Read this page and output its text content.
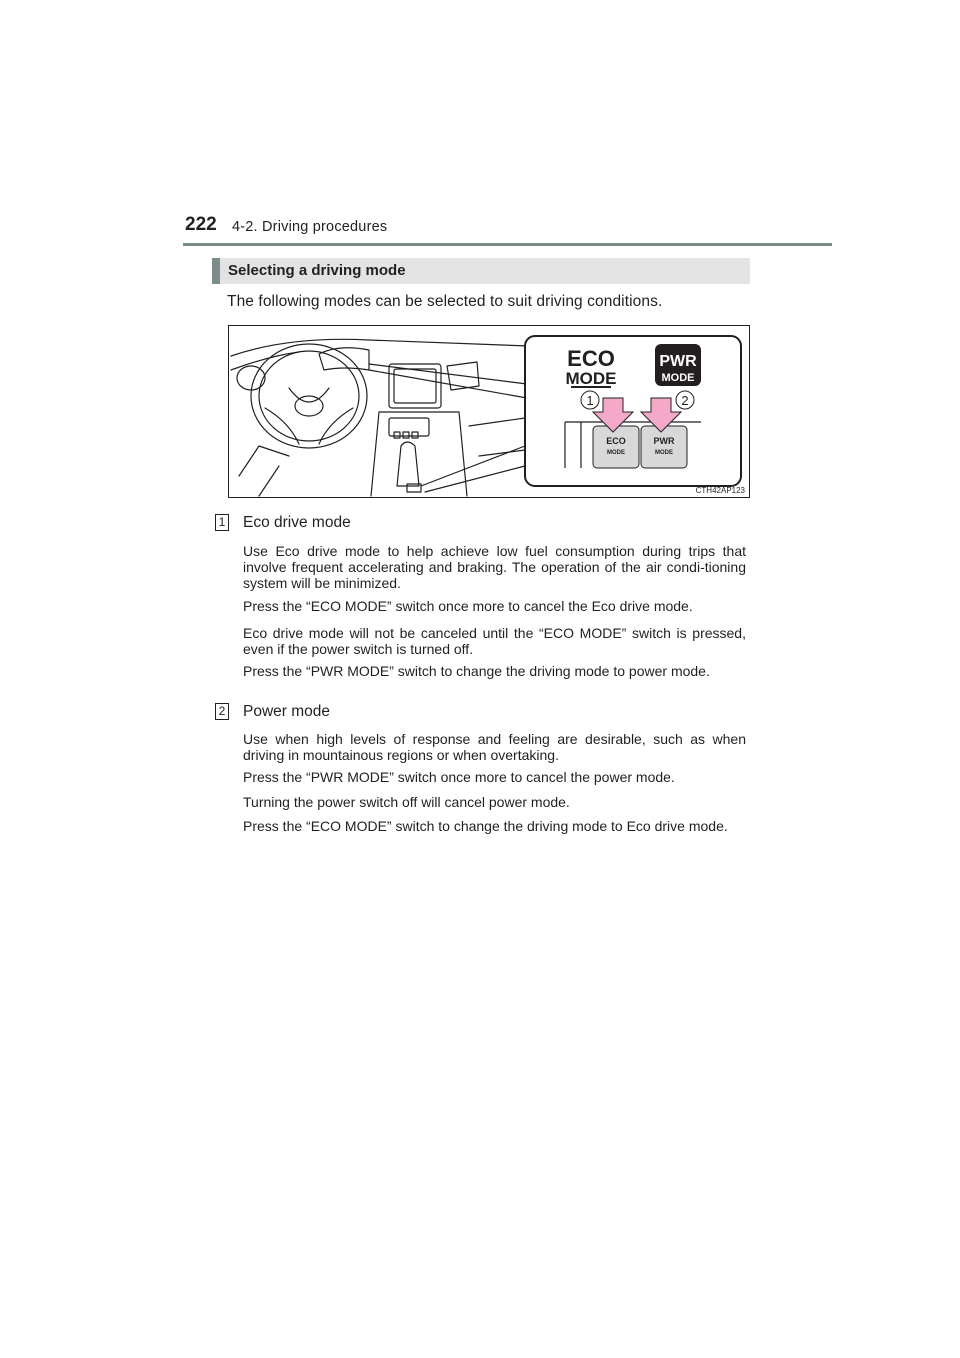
222 4-2. Driving procedures
Selecting a driving mode
The following modes can be selected to suit driving conditions.
ECO
MODE
PWR
MODE
1	2
ECO
MODE
PWR
MODE
CTH42AP123
1 Eco drive mode

Use Eco drive mode to help achieve low fuel consumption during trips that involve frequent accelerating and braking. The operation of the air condi-tioning system will be minimized.

Press the “ECO MODE” switch once more to cancel the Eco drive mode.

Eco drive mode will not be canceled until the “ECO MODE” switch is pressed, even if the power switch is turned off.

Press the “PWR MODE” switch to change the driving mode to power mode.

2 Power mode

Use when high levels of response and feeling are desirable, such as when driving in mountainous regions or when overtaking.

Press the “PWR MODE” switch once more to cancel the power mode.

Turning the power switch off will cancel power mode.

Press the “ECO MODE” switch to change the driving mode to Eco drive mode.
